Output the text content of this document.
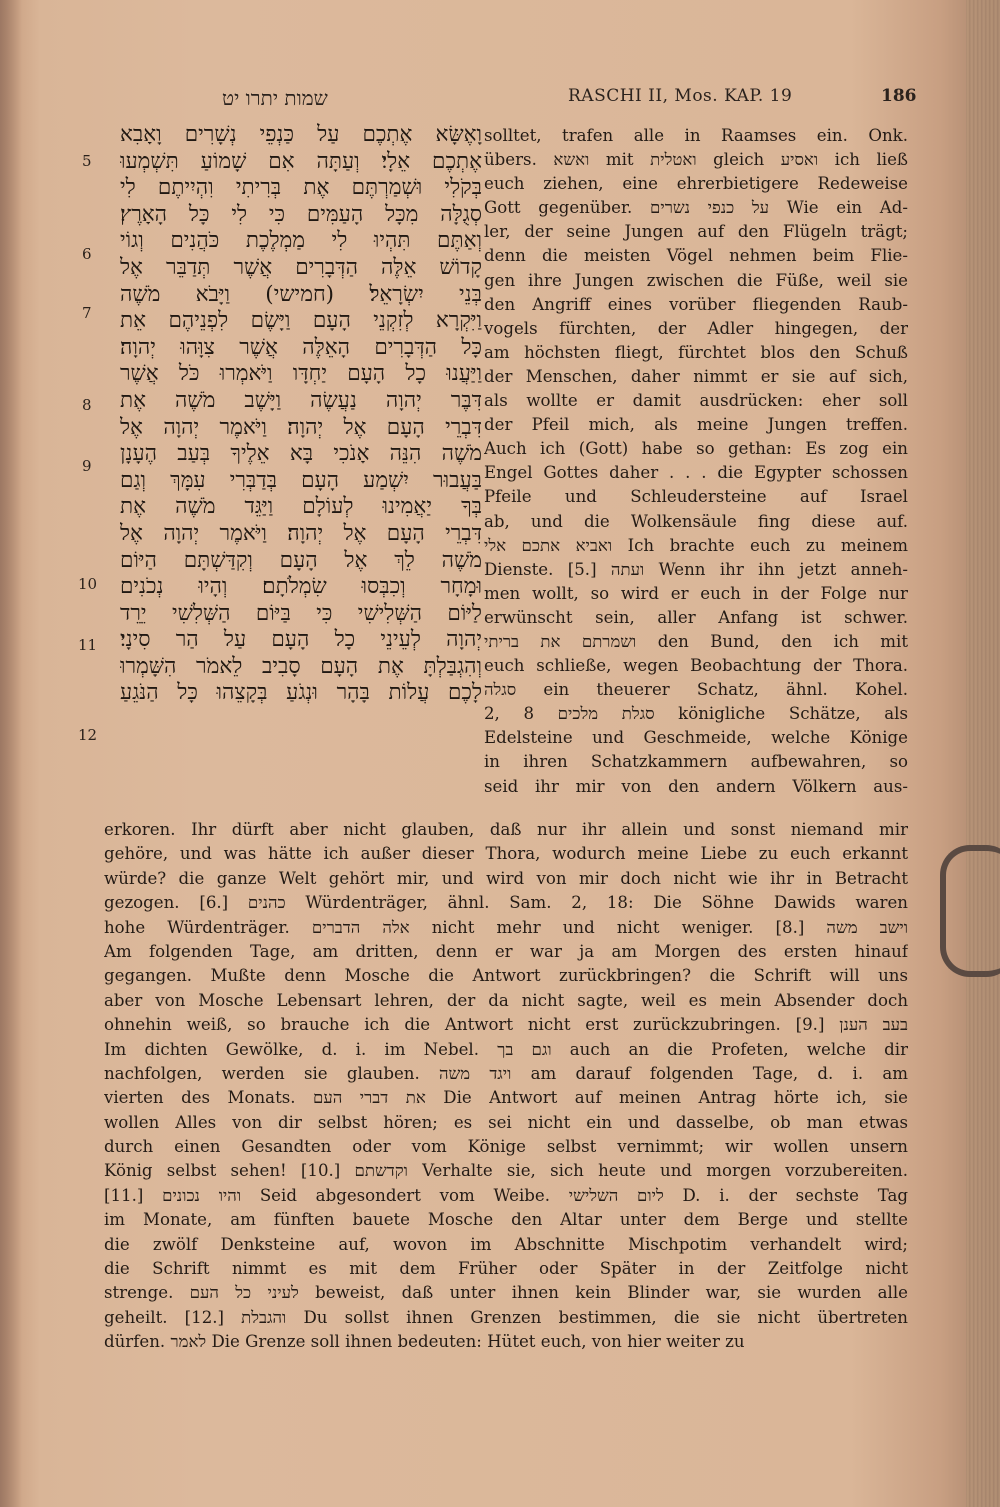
שמות יתרו יט	RASCHI II, Mos. KAP. 19	186
וָאֶשָּׂא אֶתְכֶם עַל כַּנְפֵי נְשָׁרִים וָאָבִא
אֶתְכֶם אֵלָי׃ וְעַתָּה אִם שָׁמוֹעַ תִּשְׁמְעוּ
בְּקֹלִי וּשְׁמַרְתֶּם אֶת בְּרִיתִי וִהְיִיתֶם לִי
סְגֻלָּה מִכָּל הָעַמִּים כִּי לִי כָּל הָאָרֶץ׃
וְאַתֶּם תִּהְיוּ לִי מַמְלֶכֶת כֹּהֲנִים וְגוֹי
קָדוֹשׁ אֵלֶּה הַדְּבָרִים אֲשֶׁר תְּדַבֵּר אֶל
בְּנֵי יִשְׂרָאֵל׃ (חמישי) וַיָּבֹא מֹשֶׁה
וַיִּקְרָא לְזִקְנֵי הָעָם וַיָּשֶׂם לִפְנֵיהֶם אֵת
כָּל הַדְּבָרִים הָאֵלֶּה אֲשֶׁר צִוָּהוּ יְהוָה׃
וַיַּעֲנוּ כָל הָעָם יַחְדָּו וַיֹּאמְרוּ כֹּל אֲשֶׁר
דִּבֶּר יְהוָה נַעֲשֶׂה וַיָּשֶׁב מֹשֶׁה אֶת
דִּבְרֵי הָעָם אֶל יְהוָה׃ וַיֹּאמֶר יְהוָה אֶל
מֹשֶׁה הִנֵּה אָנֹכִי בָּא אֵלֶיךָ בְּעַב הֶעָנָן
בַּעֲבוּר יִשְׁמַע הָעָם בְּדַבְּרִי עִמָּךְ וְגַם
בְּךָ יַאֲמִינוּ לְעוֹלָם וַיַּגֵּד מֹשֶׁה אֶת
דִּבְרֵי הָעָם אֶל יְהוָה׃ וַיֹּאמֶר יְהוָה אֶל
מֹשֶׁה לֵךְ אֶל הָעָם וְקִדַּשְׁתָּם הַיּוֹם
וּמָחָר וְכִבְּסוּ שִׂמְלֹתָם׃ וְהָיוּ נְכֹנִים
לַיּוֹם הַשְּׁלִישִׁי כִּי בַּיּוֹם הַשְּׁלִשִׁי יֵרֵד
יְהוָה לְעֵינֵי כָל הָעָם עַל הַר סִינָי׃
וְהִגְבַּלְתָּ אֶת הָעָם סָבִיב לֵאמֹר הִשָּׁמְרוּ
לָכֶם עֲלוֹת בָּהָר וּנְגֹעַ בְּקָצֵהוּ כָּל הַנֹּגֵעַ
5
6
7
8
9
10
11
12
solltet, trafen alle in Raamses ein. Onk.
übers. ואשא mit ואטלית gleich ואסיע ich ließ
euch ziehen, eine ehrerbietigere Redeweise
Gott gegenüber. על כנפי נשרים Wie ein Ad-
ler, der seine Jungen auf den Flügeln trägt;
denn die meisten Vögel nehmen beim Flie-
gen ihre Jungen zwischen die Füße, weil sie
den Angriff eines vorüber fliegenden Raub-
vogels fürchten, der Adler hingegen, der
am höchsten fliegt, fürchtet blos den Schuß
der Menschen, daher nimmt er sie auf sich,
als wollte er damit ausdrücken: eher soll
der Pfeil mich, als meine Jungen treffen.
Auch ich (Gott) habe so gethan: Es zog ein
Engel Gottes daher . . . die Egypter schossen
Pfeile und Schleudersteine auf Israel
ab, und die Wolkensäule fing diese auf.
ואביא אתכם אלי Ich brachte euch zu meinem
Dienste. [5.] ועתה Wenn ihr ihn jetzt anneh-
men wollt, so wird er euch in der Folge nur
erwünscht sein, aller Anfang ist schwer.
ושמרתם את בריתי den Bund, den ich mit
euch schließe, wegen Beobachtung der Thora.
סגלה ein theuerer Schatz, ähnl. Kohel.
2, 8 סגלת מלכים königliche Schätze, als
Edelsteine und Geschmeide, welche Könige
in ihren Schatzkammern aufbewahren, so
seid ihr mir von den andern Völkern aus-
erkoren. Ihr dürft aber nicht glauben, daß nur ihr allein und sonst niemand mir
gehöre, und was hätte ich außer dieser Thora, wodurch meine Liebe zu euch erkannt
würde? die ganze Welt gehört mir, und wird von mir doch nicht wie ihr in Betracht
gezogen. [6.] כהנים Würdenträger, ähnl. Sam. 2, 18: Die Söhne Dawids waren
hohe Würdenträger. אלה הדברים nicht mehr und nicht weniger. [8.] וישב משה
Am folgenden Tage, am dritten, denn er war ja am Morgen des ersten hinauf
gegangen. Mußte denn Mosche die Antwort zurückbringen? die Schrift will uns
aber von Mosche Lebensart lehren, der da nicht sagte, weil es mein Absender doch
ohnehin weiß, so brauche ich die Antwort nicht erst zurückzubringen. [9.] בעב הענן
Im dichten Gewölke, d. i. im Nebel. וגם בך auch an die Profeten, welche dir
nachfolgen, werden sie glauben. ויגד משה am darauf folgenden Tage, d. i. am
vierten des Monats. את דברי העם Die Antwort auf meinen Antrag hörte ich, sie
wollen Alles von dir selbst hören; es sei nicht ein und dasselbe, ob man etwas
durch einen Gesandten oder vom Könige selbst vernimmt; wir wollen unsern
König selbst sehen! [10.] וקדשתם Verhalte sie, sich heute und morgen vorzubereiten.
[11.] והיו נכונים Seid abgesondert vom Weibe. ליום השלישי D. i. der sechste Tag
im Monate, am fünften bauete Mosche den Altar unter dem Berge und stellte
die zwölf Denksteine auf, wovon im Abschnitte Mischpotim verhandelt wird;
die Schrift nimmt es mit dem Früher oder Später in der Zeitfolge nicht
strenge. לעיני כל העם beweist, daß unter ihnen kein Blinder war, sie wurden alle
geheilt. [12.] והגבלת Du sollst ihnen Grenzen bestimmen, die sie nicht übertreten
dürfen. לאמר Die Grenze soll ihnen bedeuten: Hütet euch, von hier weiter zu
